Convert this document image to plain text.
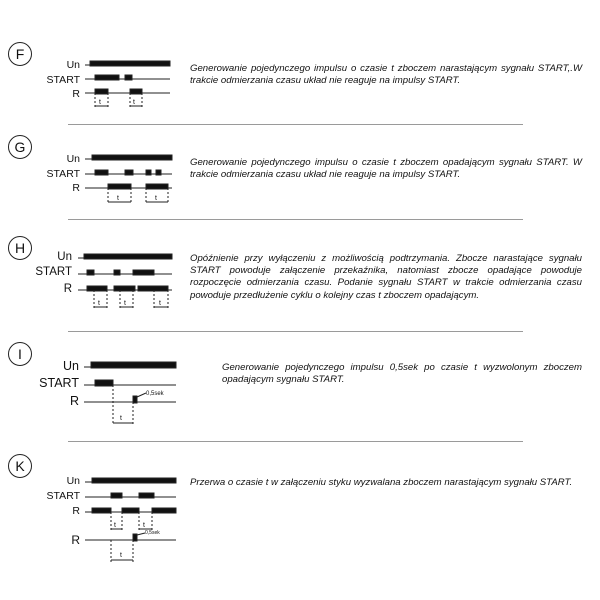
F
Un
START
R
t	t
Generowanie pojedynczego impulsu o czasie t zboczem narastającym sygnału START,.W trakcie odmierzania czasu układ nie reaguje na impulsy START.
G
Un
START
R
t	t
Generowanie pojedynczego impulsu o czasie t zboczem opadającym sygnału START. W trakcie odmierzania czasu układ nie reaguje na impulsy START.
H
Un
START
R
t	t	t
Opóźnienie przy wyłączeniu z możliwością podtrzymania. Zbocze narastające sygnału START powoduje załączenie przekaźnika, natomiast zbocze opadające powoduje rozpoczęcie odmierzania czasu. Podanie sygnału START w trakcie odmierzania czasu powoduje przedłużenie cyklu o kolejny czas t zboczem opadającym.
I
Un
START
R	0,5sek
t
Generowanie pojedynczego impulsu 0,5sek po czasie t wyzwolonym zboczem opadającym sygnału START.
K
Un
START
R
R
t	t
0,5sek
t
Przerwa o czasie t w załączeniu styku wyzwalana zboczem narastającym sygnału START.
